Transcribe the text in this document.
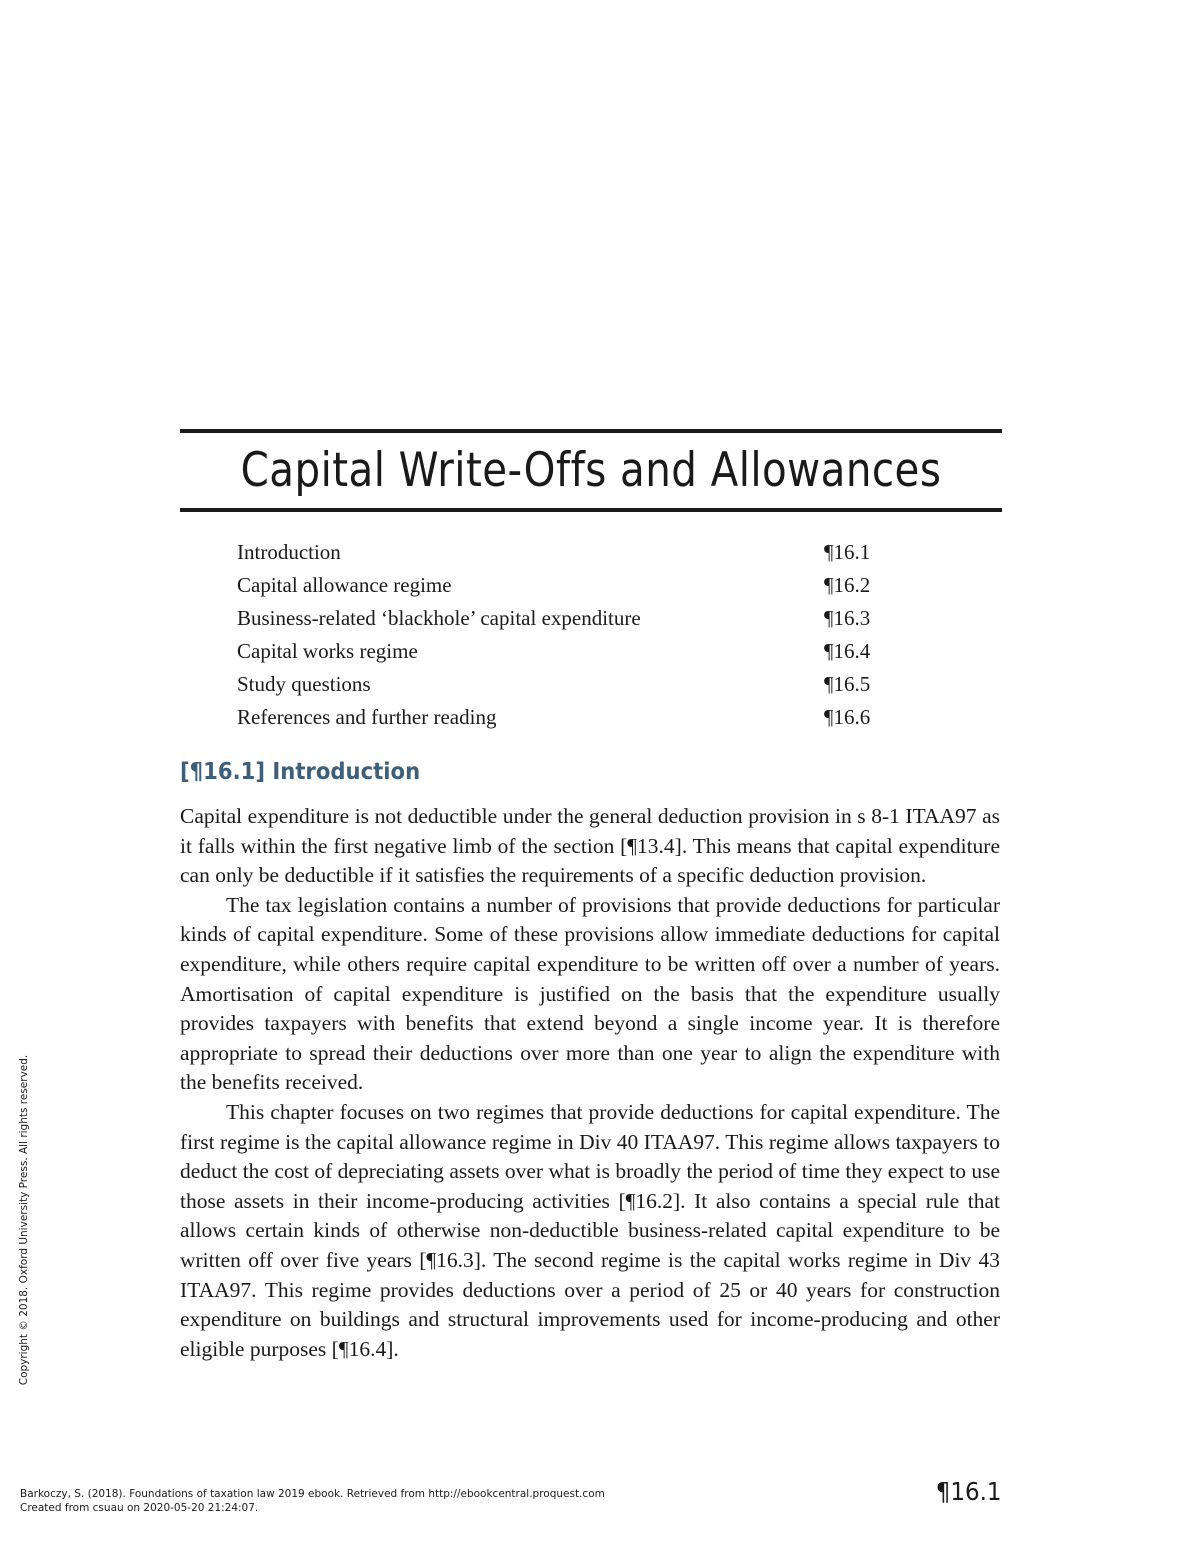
Capital Write-Offs and Allowances
Introduction	¶16.1
Capital allowance regime	¶16.2
Business-related ‘blackhole’ capital expenditure	¶16.3
Capital works regime	¶16.4
Study questions	¶16.5
References and further reading	¶16.6
[¶16.1] Introduction

Capital expenditure is not deductible under the general deduction provision in s 8-1 ITAA97 as it falls within the first negative limb of the section [¶13.4]. This means that capital expenditure can only be deductible if it satisfies the requirements of a specific deduction provision.

The tax legislation contains a number of provisions that provide deductions for particular kinds of capital expenditure. Some of these provisions allow immediate deductions for capital expenditure, while others require capital expenditure to be written off over a number of years. Amortisation of capital expenditure is justified on the basis that the expenditure usually provides taxpayers with benefits that extend beyond a single income year. It is therefore appropriate to spread their deductions over more than one year to align the expenditure with the benefits received.

This chapter focuses on two regimes that provide deductions for capital expenditure. The first regime is the capital allowance regime in Div 40 ITAA97. This regime allows taxpayers to deduct the cost of depreciating assets over what is broadly the period of time they expect to use those assets in their income-producing activities [¶16.2]. It also contains a special rule that allows certain kinds of otherwise non-deductible business-related capital expenditure to be written off over five years [¶16.3]. The second regime is the capital works regime in Div 43 ITAA97. This regime provides deductions over a period of 25 or 40 years for construction expenditure on buildings and structural improvements used for income-producing and other eligible purposes [¶16.4].

Copyright © 2018. Oxford University Press. All rights reserved.
Barkoczy, S. (2018). Foundations of taxation law 2019 ebook. Retrieved from http://ebookcentral.proquest.com
Created from csuau on 2020-05-20 21:24:07.
¶16.1
